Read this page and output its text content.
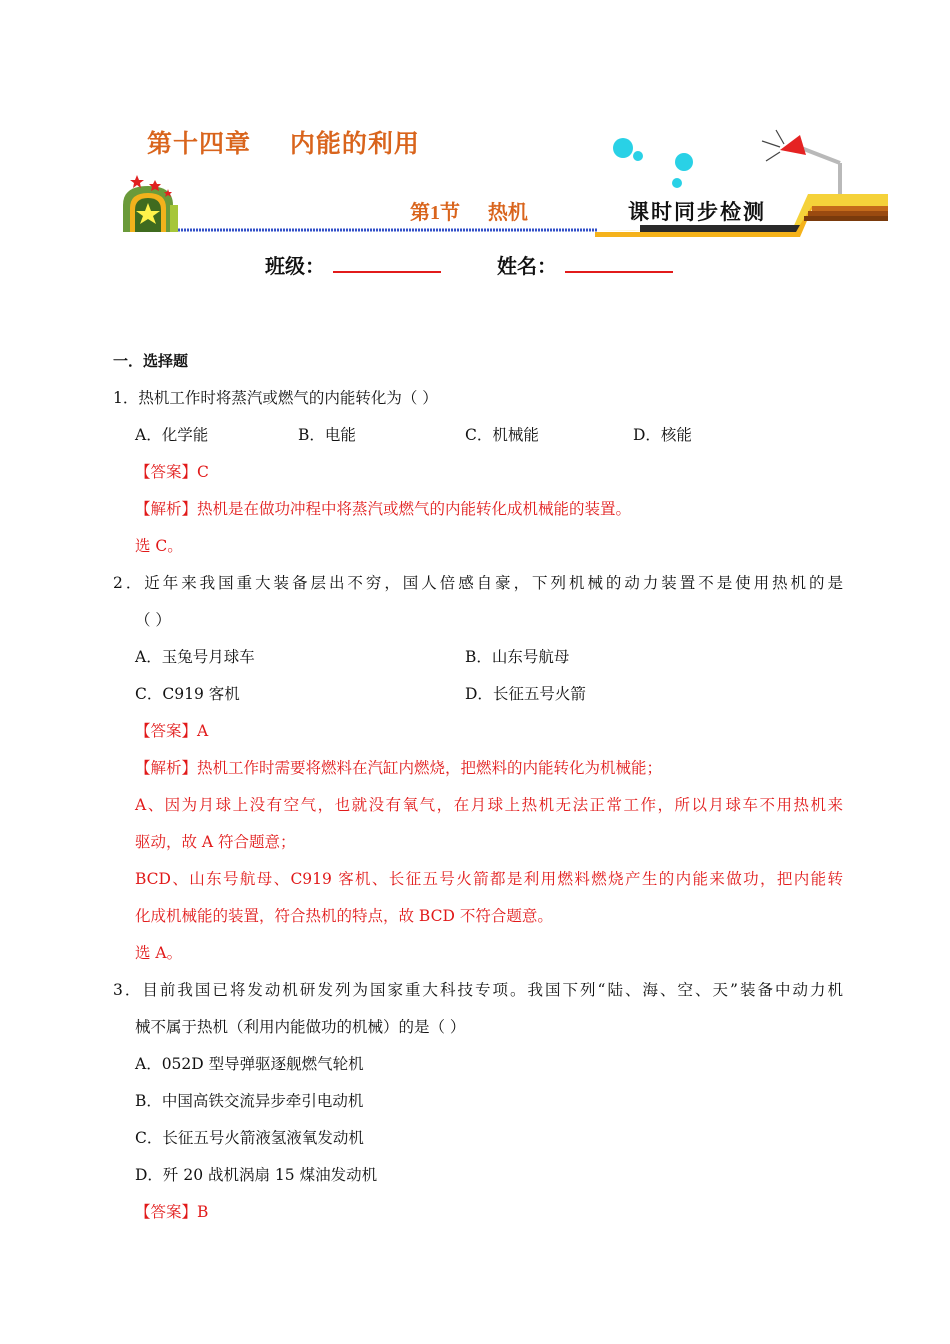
第十四章    内能的利用
第1节    热机	课时同步检测
班级：	姓名：
一．选择题
1．热机工作时将蒸汽或燃气的内能转化为（ ）
A．化学能	B．电能	C．机械能	D．核能
【答案】C
【解析】热机是在做功冲程中将蒸汽或燃气的内能转化成机械能的装置。
选 C。
2．近年来我国重大装备层出不穷，国人倍感自豪，下列机械的动力装置不是使用热机的是
（ ）
A．玉兔号月球车	B．山东号航母
C．C919 客机	D．长征五号火箭
【答案】A
【解析】热机工作时需要将燃料在汽缸内燃烧，把燃料的内能转化为机械能；
A、因为月球上没有空气，也就没有氧气，在月球上热机无法正常工作，所以月球车不用热机来
驱动，故 A 符合题意；
BCD、山东号航母、C919 客机、长征五号火箭都是利用燃料燃烧产生的内能来做功，把内能转
化成机械能的装置，符合热机的特点，故 BCD 不符合题意。
选 A。
3．目前我国已将发动机研发列为国家重大科技专项。我国下列“陆、海、空、天”装备中动力机
械不属于热机（利用内能做功的机械）的是（ ）
A．052D 型导弹驱逐舰燃气轮机
B．中国高铁交流异步牵引电动机
C．长征五号火箭液氢液氧发动机
D．歼 20 战机涡扇 15 煤油发动机
【答案】B
